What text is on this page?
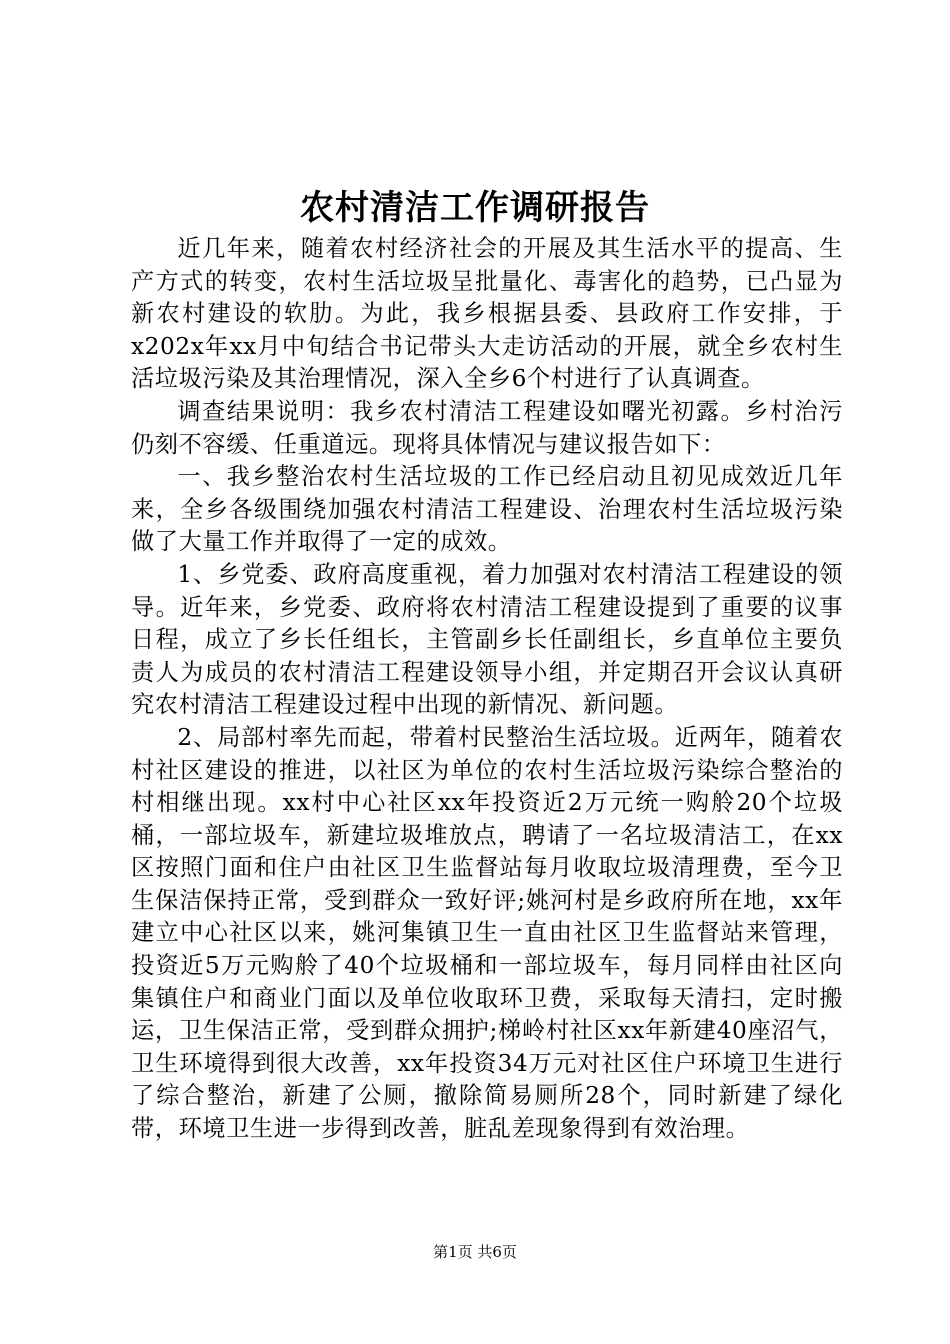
农村清洁工作调研报告

近几年来，随着农村经济社会的开展及其生活水平的提高、生产方式的转变，农村生活垃圾呈批量化、毒害化的趋势，已凸显为新农村建设的软肋。为此，我乡根据县委、县政府工作安排，于x202x年xx月中旬结合书记带头大走访活动的开展，就全乡农村生活垃圾污染及其治理情况，深入全乡6个村进行了认真调查。

调查结果说明：我乡农村清洁工程建设如曙光初露。乡村治污仍刻不容缓、任重道远。现将具体情况与建议报告如下：

一、我乡整治农村生活垃圾的工作已经启动且初见成效近几年来，全乡各级围绕加强农村清洁工程建设、治理农村生活垃圾污染做了大量工作并取得了一定的成效。

1、乡党委、政府高度重视，着力加强对农村清洁工程建设的领导。近年来，乡党委、政府将农村清洁工程建设提到了重要的议事日程，成立了乡长任组长，主管副乡长任副组长，乡直单位主要负责人为成员的农村清洁工程建设领导小组，并定期召开会议认真研究农村清洁工程建设过程中出现的新情况、新问题。

2、局部村率先而起，带着村民整治生活垃圾。近两年，随着农村社区建设的推进，以社区为单位的农村生活垃圾污染综合整治的村相继出现。xx村中心社区xx年投资近2万元统一购舲20个垃圾桶，一部垃圾车，新建垃圾堆放点，聘请了一名垃圾清洁工，在xx区按照门面和住户由社区卫生监督站每月收取垃圾清理费，至今卫生保洁保持正常，受到群众一致好评;姚河村是乡政府所在地，xx年建立中心社区以来，姚河集镇卫生一直由社区卫生监督站来管理，投资近5万元购舲了40个垃圾桶和一部垃圾车，每月同样由社区向集镇住户和商业门面以及单位收取环卫费，采取每天清扫，定时搬运，卫生保洁正常，受到群众拥护;梯岭村社区xx年新建40座沼气，卫生环境得到很大改善，xx年投资34万元对社区住户环境卫生进行了综合整治，新建了公厕，撤除简易厕所28个，同时新建了绿化带，环境卫生进一步得到改善，脏乱差现象得到有效治理。

第1页 共6页
